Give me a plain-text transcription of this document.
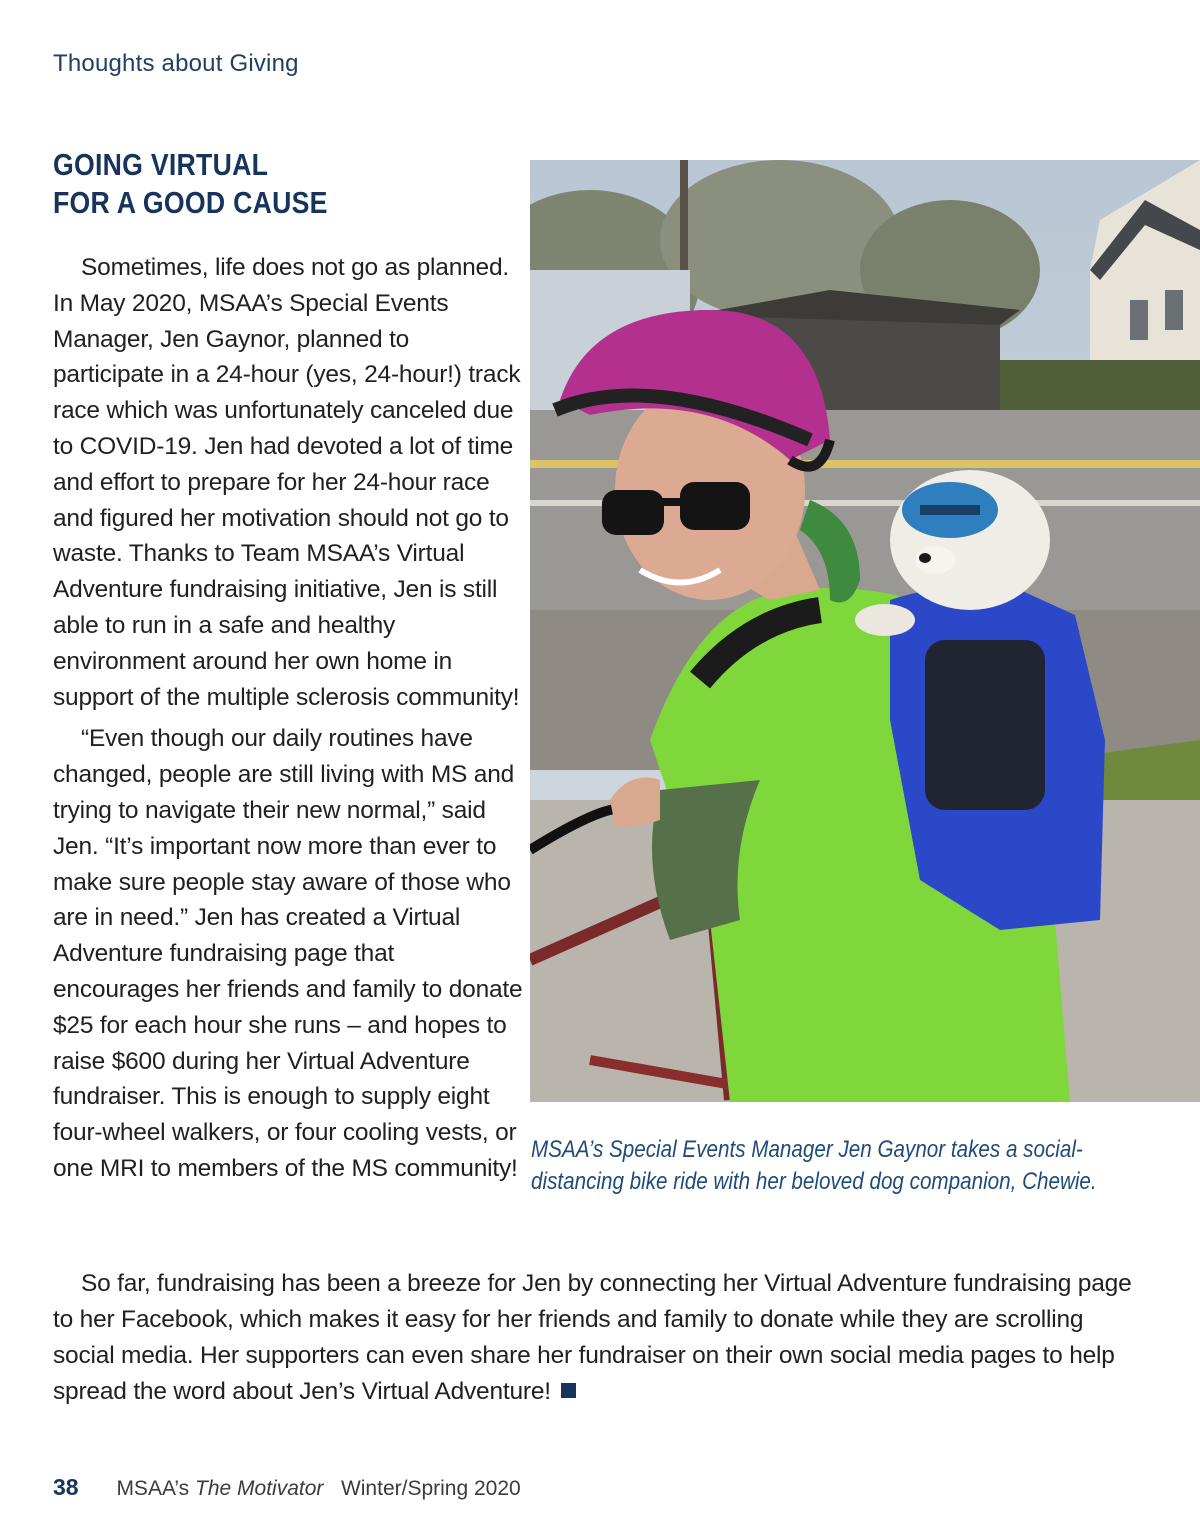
Thoughts about Giving
GOING VIRTUAL
FOR A GOOD CAUSE

Sometimes, life does not go as planned. In May 2020, MSAA’s Special Events Manager, Jen Gaynor, planned to participate in a 24-hour (yes, 24-hour!) track race which was unfortunately canceled due to COVID-19. Jen had devoted a lot of time and effort to prepare for her 24-hour race and figured her motivation should not go to waste. Thanks to Team MSAA’s Virtual Adventure fundraising initiative, Jen is still able to run in a safe and healthy environment around her own home in support of the multiple sclerosis community!

“Even though our daily routines have changed, people are still living with MS and trying to navigate their new normal,” said Jen. “It’s important now more than ever to make sure people stay aware of those who are in need.” Jen has created a Virtual Adventure fundraising page that encourages her friends and family to donate $25 for each hour she runs – and hopes to raise $600 during her Virtual Adventure fundraiser. This is enough to supply eight four-wheel walkers, or four cooling vests, or one MRI to members of the MS community!

MSAA’s Special Events Manager Jen Gaynor takes a social-distancing bike ride with her beloved dog companion, Chewie.

So far, fundraising has been a breeze for Jen by connecting her Virtual Adventure fundraising page to her Facebook, which makes it easy for her friends and family to donate while they are scrolling social media. Her supporters can even share her fundraiser on their own social media pages to help spread the word about Jen’s Virtual Adventure!

38 MSAA’s The Motivator Winter/Spring 2020
